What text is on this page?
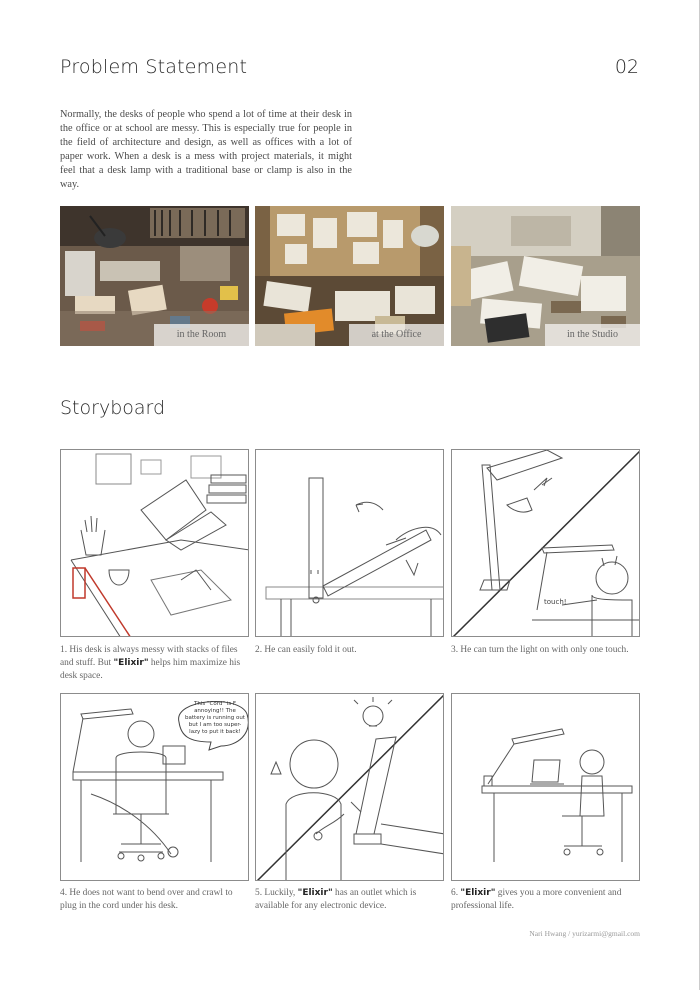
Problem Statement	02
Normally, the desks of people who spend a lot of time at their desk in the office or at school are messy. This is especially true for people in the field of architecture and design, as well as offices with a lot of paper work. When a desk is a mess with project materials, it might feel that a desk lamp with a traditional base or clamp is also in the way.
in the Room	at the Office	in the Studio
Storyboard
1. His desk is always messy with stacks of files and stuff. But "Elixir" helps him maximize his desk space.
2. He can easily fold it out.
touch!
3. He can turn the light on with only one touch.
This "Cord" is F annoying!! The battery is running out but I am too super-lazy to put it back!
4. He does not want to bend over and crawl to plug in the cord under his desk.
5. Luckily, "Elixir" has an outlet which is available for any electronic device.
6. "Elixir" gives you a more convenient and professional life.
Nari Hwang / yurizarmi@gmail.com
